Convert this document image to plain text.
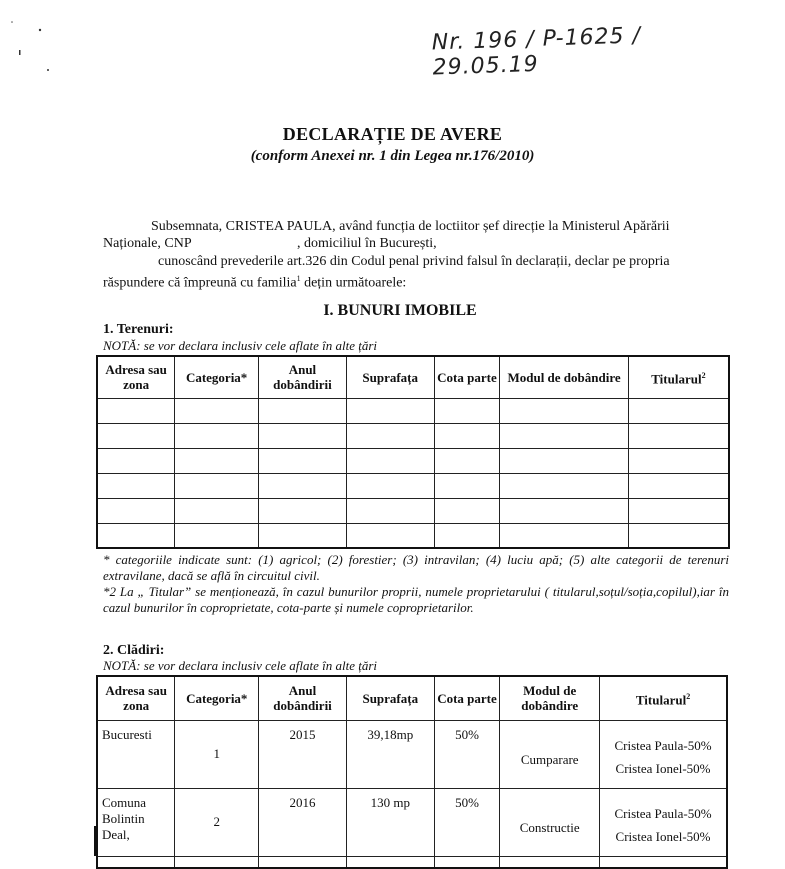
Nr. 196 / P-1625 / 29.05.19
DECLARAȚIE DE AVERE
(conform Anexei nr. 1 din Legea nr.176/2010)
Subsemnata, CRISTEA PAULA, având funcția de loctiitor șef direcție la Ministerul Apărării
Naționale, CNP	, domiciliul în București,
cunoscând prevederile art.326 din Codul penal privind falsul în declarații, declar pe propria
răspundere că împreună cu familia$^1$ dețin următoarele:
I. BUNURI IMOBILE
1. Terenuri:
NOTĂ: se vor declara inclusiv cele aflate în alte țări
Adresa sau zona	Categoria*	Anul dobândirii	Suprafața	Cota parte	Modul de dobândire	Titularul$^2$

* categoriile indicate sunt: (1) agricol; (2) forestier; (3) intravilan; (4) luciu apă; (5) alte categorii de terenuri extravilane, dacă se află în circuitul civil.
*2 La „ Titular” se menționează, în cazul bunurilor proprii, numele proprietarului ( titularul,soțul/soția,copilul),iar în cazul bunurilor în coproprietate, cota-parte și numele coproprietarilor.
2. Clădiri:
NOTĂ: se vor declara inclusiv cele aflate în alte țări
Adresa sau zona	Categoria*	Anul dobândirii	Suprafața	Cota parte	Modul de dobândire	Titularul$^2$
Bucuresti	1	2015	39,18mp	50%	Cumparare	Cristea Paula-50%
Cristea Ionel-50%

Comuna Bolintin Deal,	2	2016	130 mp	50%	Constructie	Cristea Paula-50%
Cristea Ionel-50%
